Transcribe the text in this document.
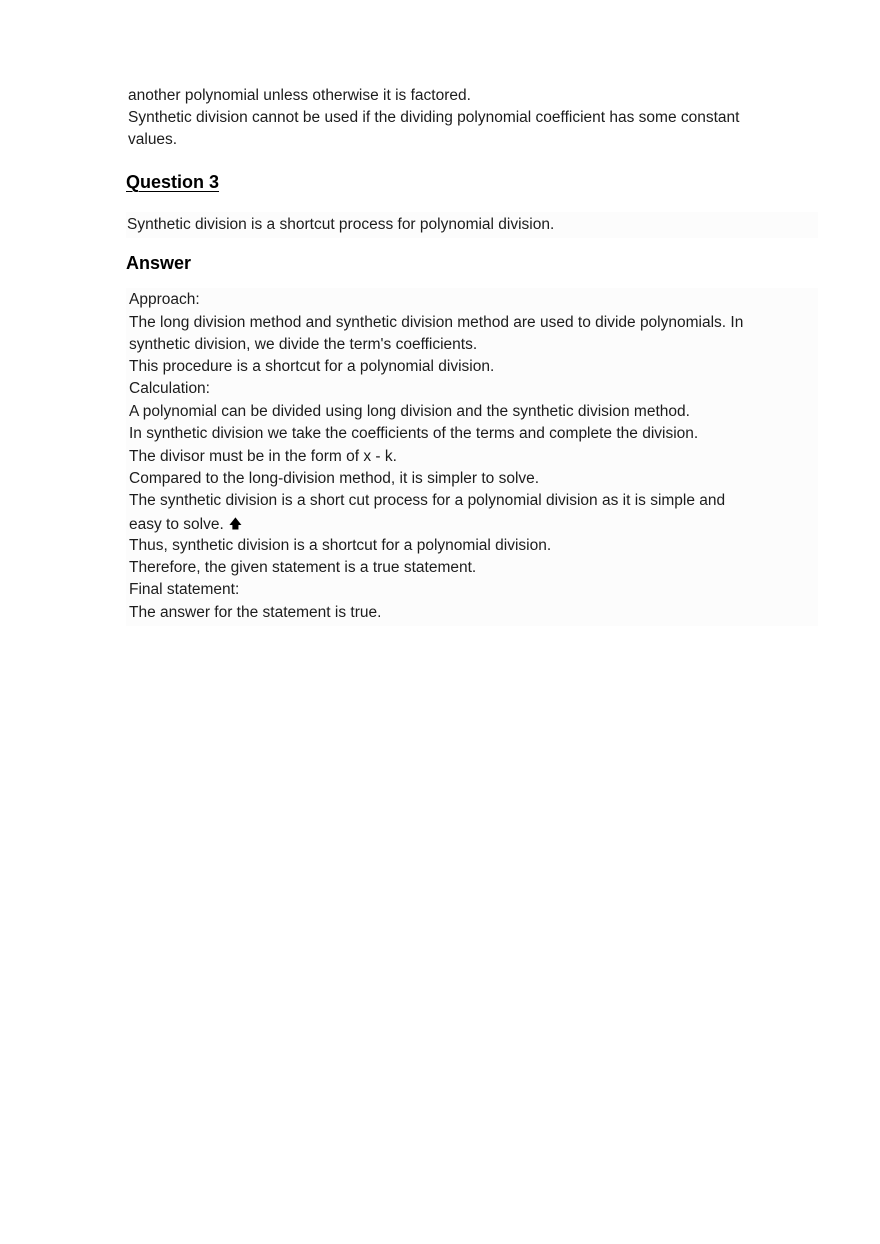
another polynomial unless otherwise it is factored.
Synthetic division cannot be used if the dividing polynomial coefficient has some constant
values.
Question 3
Synthetic division is a shortcut process for polynomial division.
Answer
Approach:
The long division method and synthetic division method are used to divide polynomials. In
synthetic division, we divide the term's coefficients.
This procedure is a shortcut for a polynomial division.
Calculation:
A polynomial can be divided using long division and the synthetic division method.
In synthetic division we take the coefficients of the terms and complete the division.
The divisor must be in the form of x - k.
Compared to the long-division method, it is simpler to solve.
The synthetic division is a short cut process for a polynomial division as it is simple and
easy to solve. 🡅
Thus, synthetic division is a shortcut for a polynomial division.
Therefore, the given statement is a true statement.
Final statement:
The answer for the statement is true.
